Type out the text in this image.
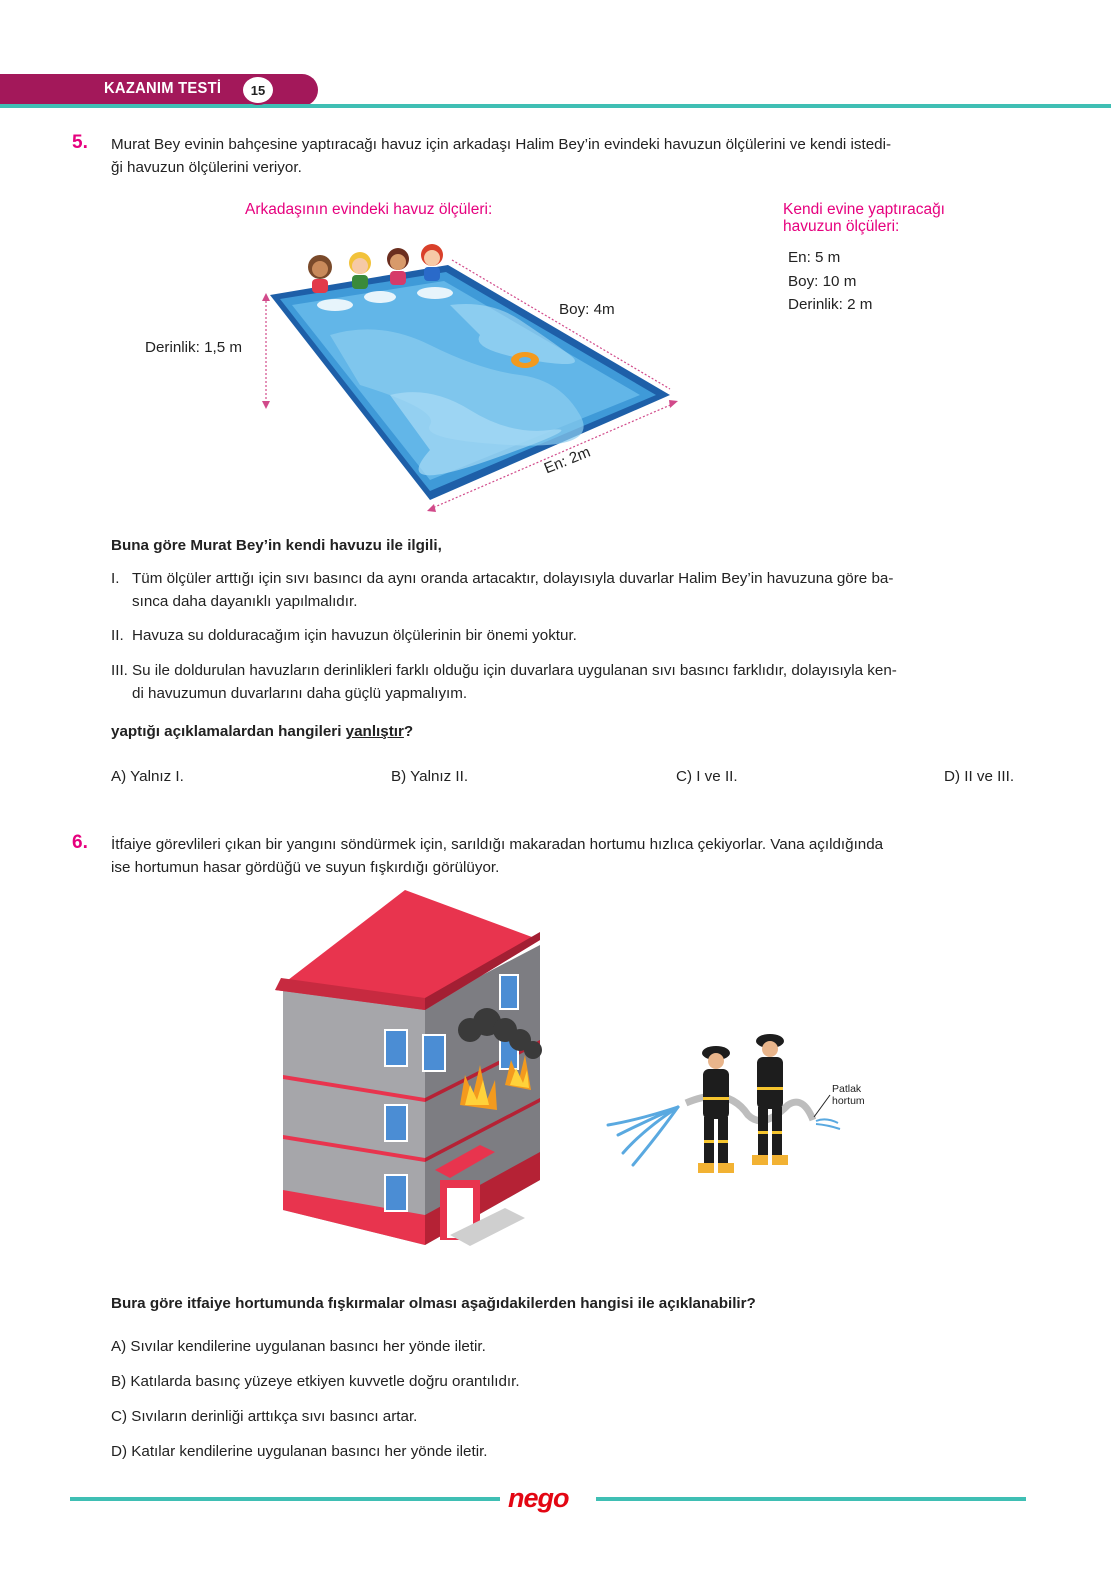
KAZANIM TESTİ	15
5. Murat Bey evinin bahçesine yaptıracağı havuz için arkadaşı Halim Bey’in evindeki havuzun ölçülerini ve kendi istedi-
ği havuzun ölçülerini veriyor.
Arkadaşının evindeki havuz ölçüleri:	Kendi evine yaptıracağı
havuzun ölçüleri:
En: 5 m
Boy: 10 m
Derinlik: 2 m
Derinlik: 1,5 m
Boy: 4m
En: 2m
Buna göre Murat Bey’in kendi havuzu ile ilgili,
I. Tüm ölçüler arttığı için sıvı basıncı da aynı oranda artacaktır, dolayısıyla duvarlar Halim Bey’in havuzuna göre ba-
sınca daha dayanıklı yapılmalıdır.
II. Havuza su dolduracağım için havuzun ölçülerinin bir önemi yoktur.
III. Su ile doldurulan havuzların derinlikleri farklı olduğu için duvarlara uygulanan sıvı basıncı farklıdır, dolayısıyla ken-
di havuzumun duvarlarını daha güçlü yapmalıyım.
yaptığı açıklamalardan hangileri yanlıştır?
A) Yalnız I.	B) Yalnız II.	C) I ve II.	D) II ve III.
6. İtfaiye görevlileri çıkan bir yangını söndürmek için, sarıldığı makaradan hortumu hızlıca çekiyorlar. Vana açıldığında
ise hortumun hasar gördüğü ve suyun fışkırdığı görülüyor.
Patlak
hortum
Bura göre itfaiye hortumunda fışkırmalar olması aşağıdakilerden hangisi ile açıklanabilir?
A) Sıvılar kendilerine uygulanan basıncı her yönde iletir.
B) Katılarda basınç yüzeye etkiyen kuvvetle doğru orantılıdır.
C) Sıvıların derinliği arttıkça sıvı basıncı artar.
D) Katılar kendilerine uygulanan basıncı her yönde iletir.
nego
